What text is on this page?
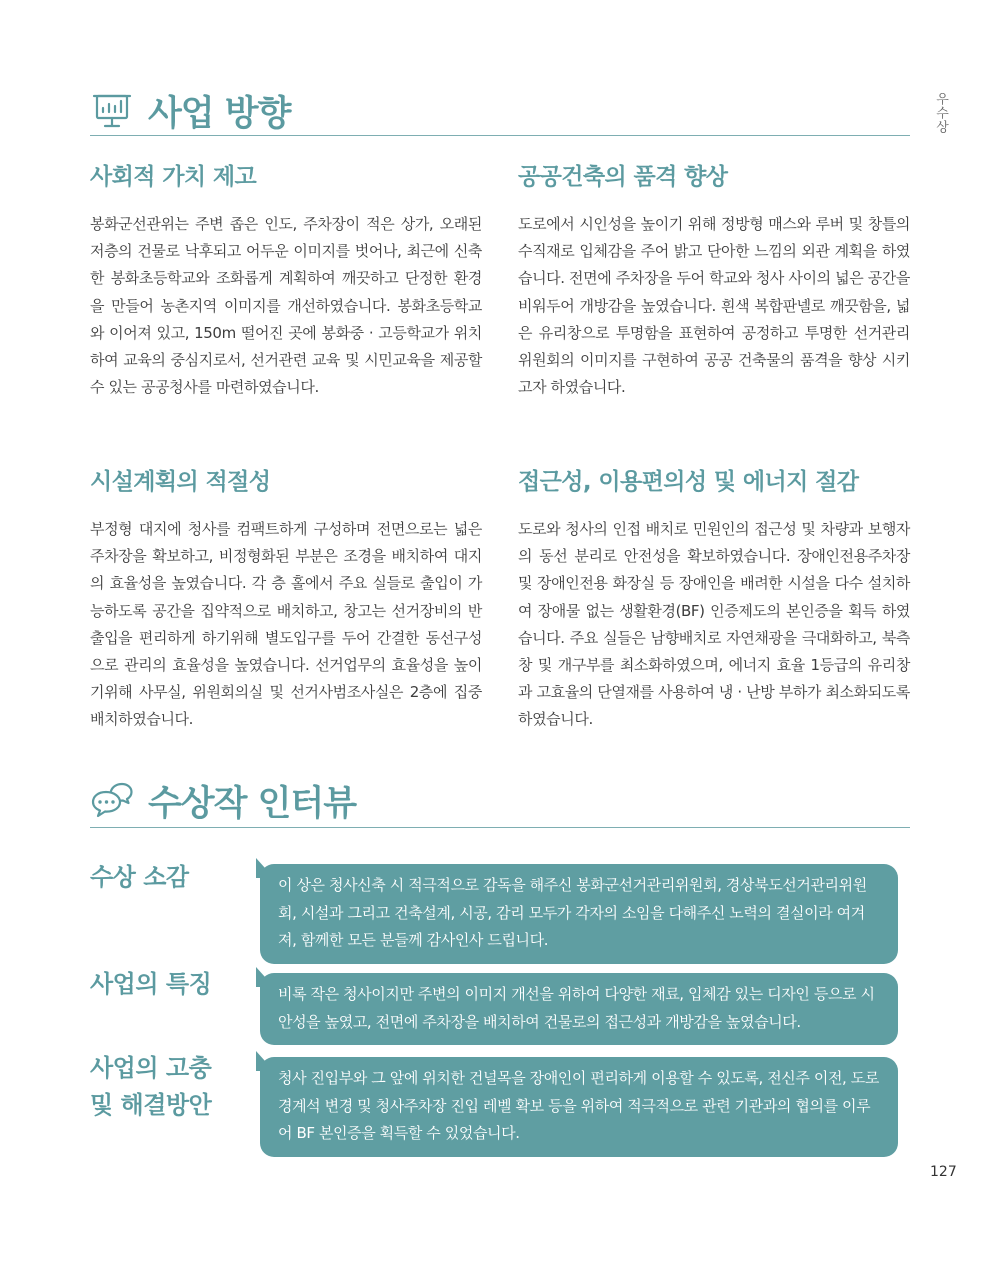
우수상
사업 방향
사회적 가치 제고

봉화군선관위는 주변 좁은 인도, 주차장이 적은 상가, 오래된 저층의 건물로 낙후되고 어두운 이미지를 벗어나, 최근에 신축한 봉화초등학교와 조화롭게 계획하여 깨끗하고 단정한 환경을 만들어 농촌지역 이미지를 개선하였습니다. 봉화초등학교와 이어져 있고, 150m 떨어진 곳에 봉화중 · 고등학교가 위치하여 교육의 중심지로서, 선거관련 교육 및 시민교육을 제공할 수 있는 공공청사를 마련하였습니다.

공공건축의 품격 향상

도로에서 시인성을 높이기 위해 정방형 매스와 루버 및 창틀의 수직재로 입체감을 주어 밝고 단아한 느낌의 외관 계획을 하였습니다. 전면에 주차장을 두어 학교와 청사 사이의 넓은 공간을 비워두어 개방감을 높였습니다. 흰색 복합판넬로 깨끗함을, 넓은 유리창으로 투명함을 표현하여 공정하고 투명한 선거관리위원회의 이미지를 구현하여 공공 건축물의 품격을 향상 시키고자 하였습니다.

시설계획의 적절성

부정형 대지에 청사를 컴팩트하게 구성하며 전면으로는 넓은 주차장을 확보하고, 비정형화된 부분은 조경을 배치하여 대지의 효율성을 높였습니다. 각 층 홀에서 주요 실들로 출입이 가능하도록 공간을 집약적으로 배치하고, 창고는 선거장비의 반출입을 편리하게 하기위해 별도입구를 두어 간결한 동선구성으로 관리의 효율성을 높였습니다. 선거업무의 효율성을 높이기위해 사무실, 위원회의실 및 선거사범조사실은 2층에 집중 배치하였습니다.

접근성, 이용편의성 및 에너지 절감

도로와 청사의 인접 배치로 민원인의 접근성 및 차량과 보행자의 동선 분리로 안전성을 확보하였습니다. 장애인전용주차장 및 장애인전용 화장실 등 장애인을 배려한 시설을 다수 설치하여 장애물 없는 생활환경(BF) 인증제도의 본인증을 획득 하였습니다. 주요 실들은 남향배치로 자연채광을 극대화하고, 북측 창 및 개구부를 최소화하였으며, 에너지 효율 1등급의 유리창과 고효율의 단열재를 사용하여 냉 · 난방 부하가 최소화되도록 하였습니다.

수상작 인터뷰
수상 소감	이 상은 청사신축 시 적극적으로 감독을 해주신 봉화군선거관리위원회, 경상북도선거관리위원회, 시설과 그리고 건축설계, 시공, 감리 모두가 각자의 소임을 다해주신 노력의 결실이라 여겨져, 함께한 모든 분들께 감사인사 드립니다.
사업의 특징	비록 작은 청사이지만 주변의 이미지 개선을 위하여 다양한 재료, 입체감 있는 디자인 등으로 시안성을 높였고, 전면에 주차장을 배치하여 건물로의 접근성과 개방감을 높였습니다.
사업의 고충 및 해결방안
청사 진입부와 그 앞에 위치한 건널목을 장애인이 편리하게 이용할 수 있도록, 전신주 이전, 도로경계석 변경 및 청사주차장 진입 레벨 확보 등을 위하여 적극적으로 관련 기관과의 협의를 이루어 BF 본인증을 획득할 수 있었습니다.
127
